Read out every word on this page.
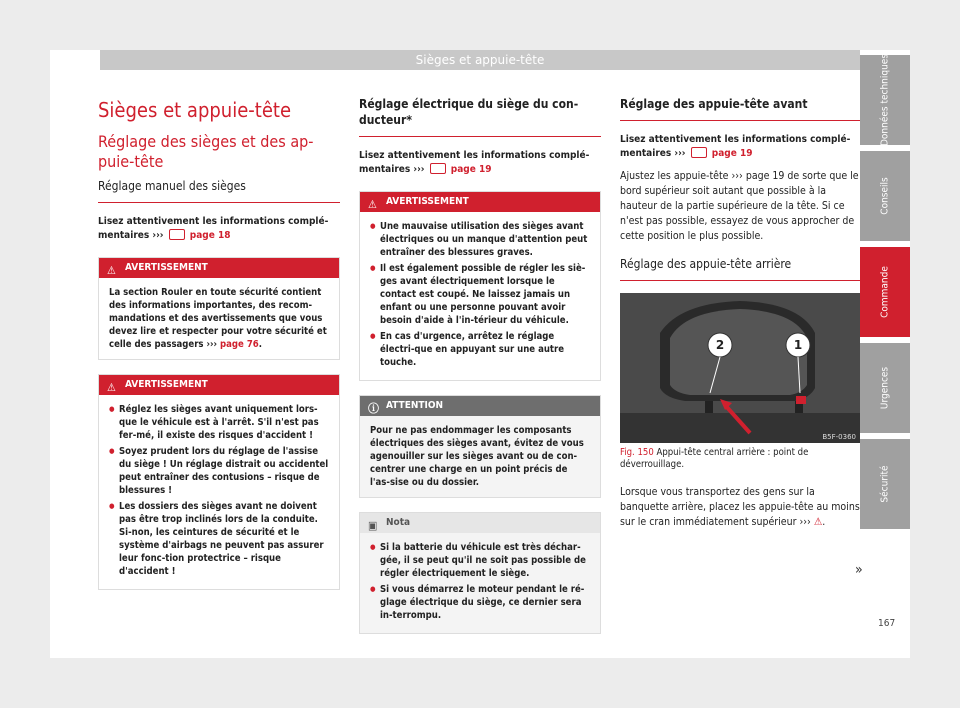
Sièges et appuie-tête
Sièges et appuie-tête
Réglage des sièges et des ap-puie-tête
Réglage manuel des sièges

Lisez attentivement les informations complé-mentaires ›››	page 18

⚠ AVERTISSEMENT
La section Rouler en toute sécurité contient des informations importantes, des recom-mandations et des avertissements que vous devez lire et respecter pour votre sécurité et celle des passagers ››› page 76.
⚠ AVERTISSEMENT
● Réglez les sièges avant uniquement lors-que le véhicule est à l'arrêt. S'il n'est pas fer-mé, il existe des risques d'accident !
● Soyez prudent lors du réglage de l'assise du siège ! Un réglage distrait ou accidentel peut entraîner des contusions – risque de blessures !
● Les dossiers des sièges avant ne doivent pas être trop inclinés lors de la conduite. Si-non, les ceintures de sécurité et le système d'airbags ne peuvent pas assurer leur fonc-tion protectrice – risque d'accident !
Réglage électrique du siège du con-ducteur*

Lisez attentivement les informations complé-mentaires ›››	page 19

⚠ AVERTISSEMENT
● Une mauvaise utilisation des sièges avant électriques ou un manque d'attention peut entraîner des blessures graves.
● Il est également possible de régler les siè-ges avant électriquement lorsque le contact est coupé. Ne laissez jamais un enfant ou une personne pouvant avoir besoin d'aide à l'in-térieur du véhicule.
● En cas d'urgence, arrêtez le réglage électri-que en appuyant sur une autre touche.
ⓘ ATTENTION
Pour ne pas endommager les composants électriques des sièges avant, évitez de vous agenouiller sur les sièges avant ou de con-centrer une charge en un point précis de l'as-sise ou du dossier.
▣ Nota
● Si la batterie du véhicule est très déchar-gée, il se peut qu'il ne soit pas possible de régler électriquement le siège.
● Si vous démarrez le moteur pendant le ré-glage électrique du siège, ce dernier sera in-terrompu.
Réglage des appuie-tête avant

Lisez attentivement les informations complé-mentaires ›››	page 19

Ajustez les appuie-tête ››› page 19 de sorte que le bord supérieur soit autant que possible à la hauteur de la partie supérieure de la tête. Si ce n'est pas possible, essayez de vous approcher de cette position le plus possible.

Réglage des appuie-tête arrière
B5F-0360
2	1

Fig. 150 Appui-tête central arrière : point de déverrouillage.

Lorsque vous transportez des gens sur la banquette arrière, placez les appuie-tête au moins sur le cran immédiatement supérieur ››› ⚠.

Données techniques
Conseils
Commande
Urgences
Sécurité
»
167
